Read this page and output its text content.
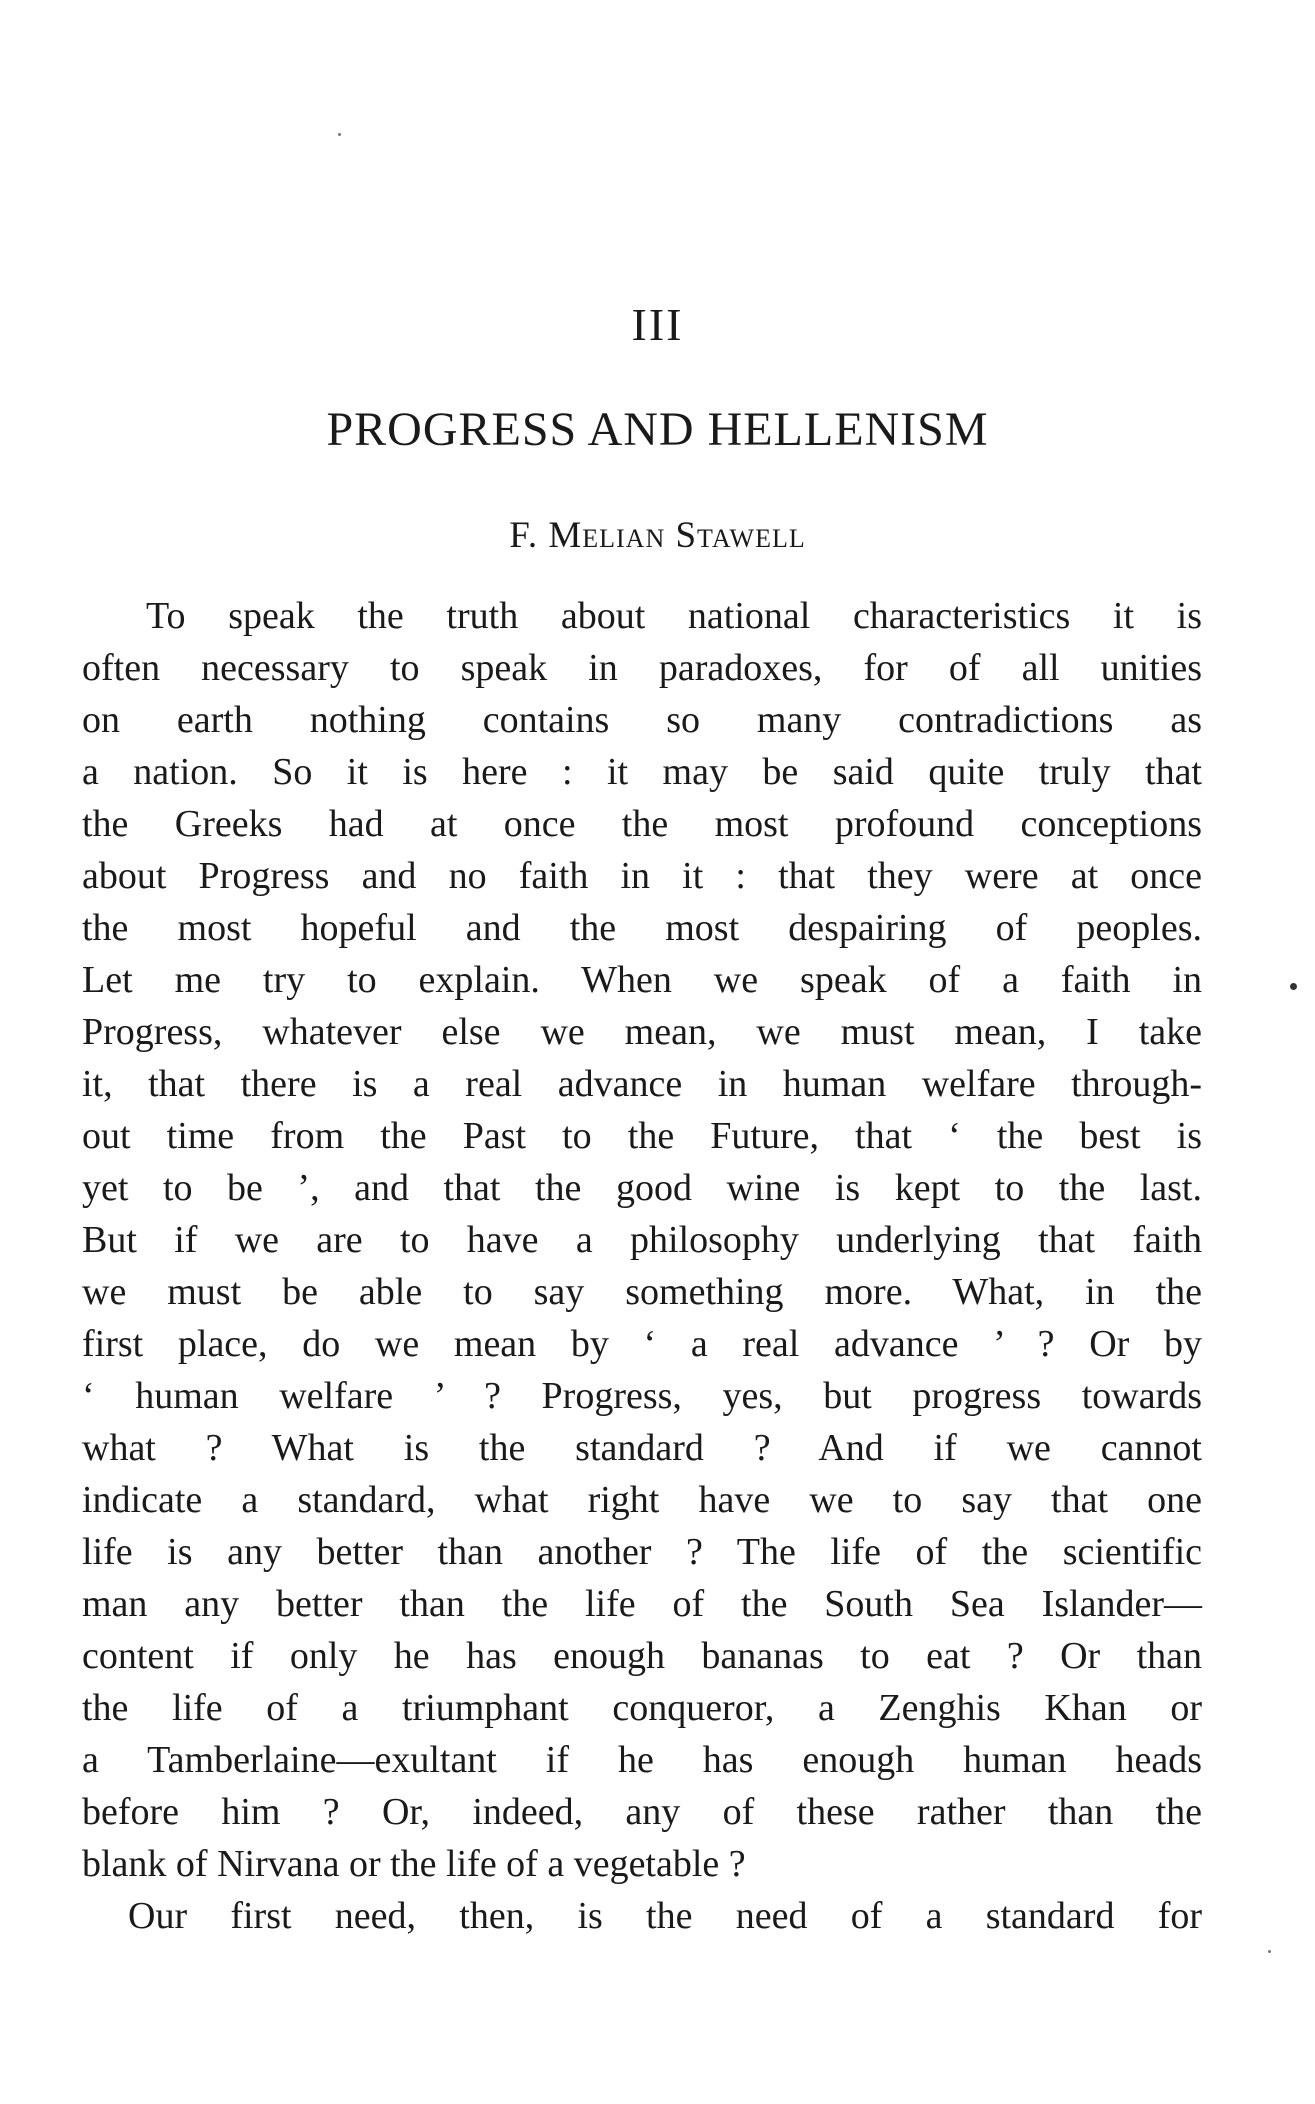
III
PROGRESS AND HELLENISM
F. Melian Stawell
To speak the truth about national characteristics it is
often necessary to speak in paradoxes, for of all unities
on earth nothing contains so many contradictions as
a nation. So it is here : it may be said quite truly that
the Greeks had at once the most profound conceptions
about Progress and no faith in it : that they were at once
the most hopeful and the most despairing of peoples.
Let me try to explain. When we speak of a faith in
Progress, whatever else we mean, we must mean, I take
it, that there is a real advance in human welfare through-
out time from the Past to the Future, that ‘ the best is
yet to be ’, and that the good wine is kept to the last.
But if we are to have a philosophy underlying that faith
we must be able to say something more. What, in the
first place, do we mean by ‘ a real advance ’ ? Or by
‘ human welfare ’ ? Progress, yes, but progress towards
what ? What is the standard ? And if we cannot
indicate a standard, what right have we to say that one
life is any better than another ? The life of the scientific
man any better than the life of the South Sea Islander—
content if only he has enough bananas to eat ? Or than
the life of a triumphant conqueror, a Zenghis Khan or
a Tamberlaine—exultant if he has enough human heads
before him ? Or, indeed, any of these rather than the
blank of Nirvana or the life of a vegetable ?
Our first need, then, is the need of a standard for
